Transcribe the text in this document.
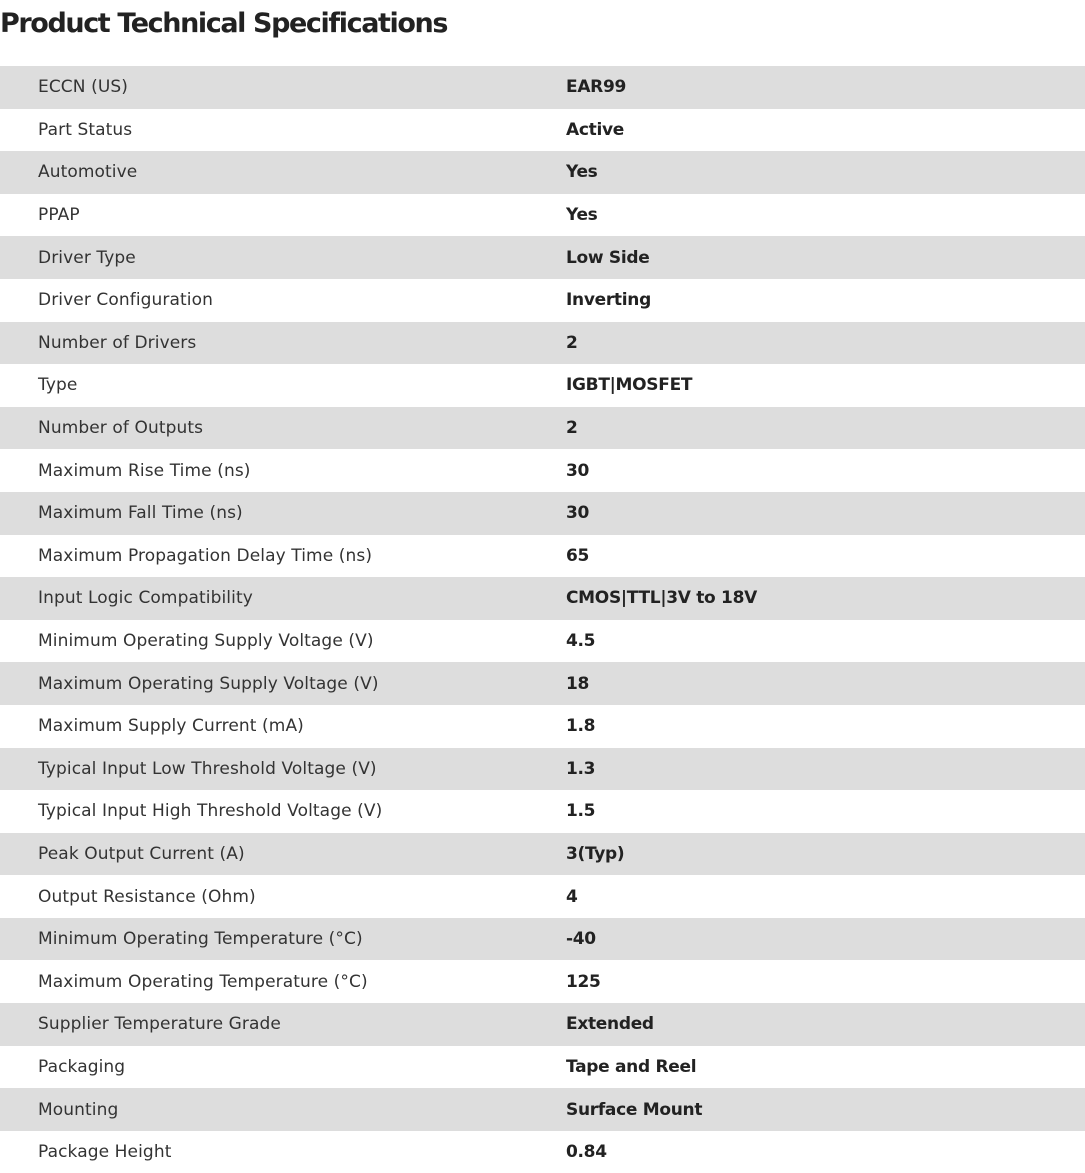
Product Technical Specifications
ECCN (US)	EAR99
Part Status	Active
Automotive	Yes
PPAP	Yes
Driver Type	Low Side
Driver Configuration	Inverting
Number of Drivers	2
Type	IGBT|MOSFET
Number of Outputs	2
Maximum Rise Time (ns)	30
Maximum Fall Time (ns)	30
Maximum Propagation Delay Time (ns)	65
Input Logic Compatibility	CMOS|TTL|3V to 18V
Minimum Operating Supply Voltage (V)	4.5
Maximum Operating Supply Voltage (V)	18
Maximum Supply Current (mA)	1.8
Typical Input Low Threshold Voltage (V)	1.3
Typical Input High Threshold Voltage (V)	1.5
Peak Output Current (A)	3(Typ)
Output Resistance (Ohm)	4
Minimum Operating Temperature (°C)	-40
Maximum Operating Temperature (°C)	125
Supplier Temperature Grade	Extended
Packaging	Tape and Reel
Mounting	Surface Mount
Package Height	0.84
